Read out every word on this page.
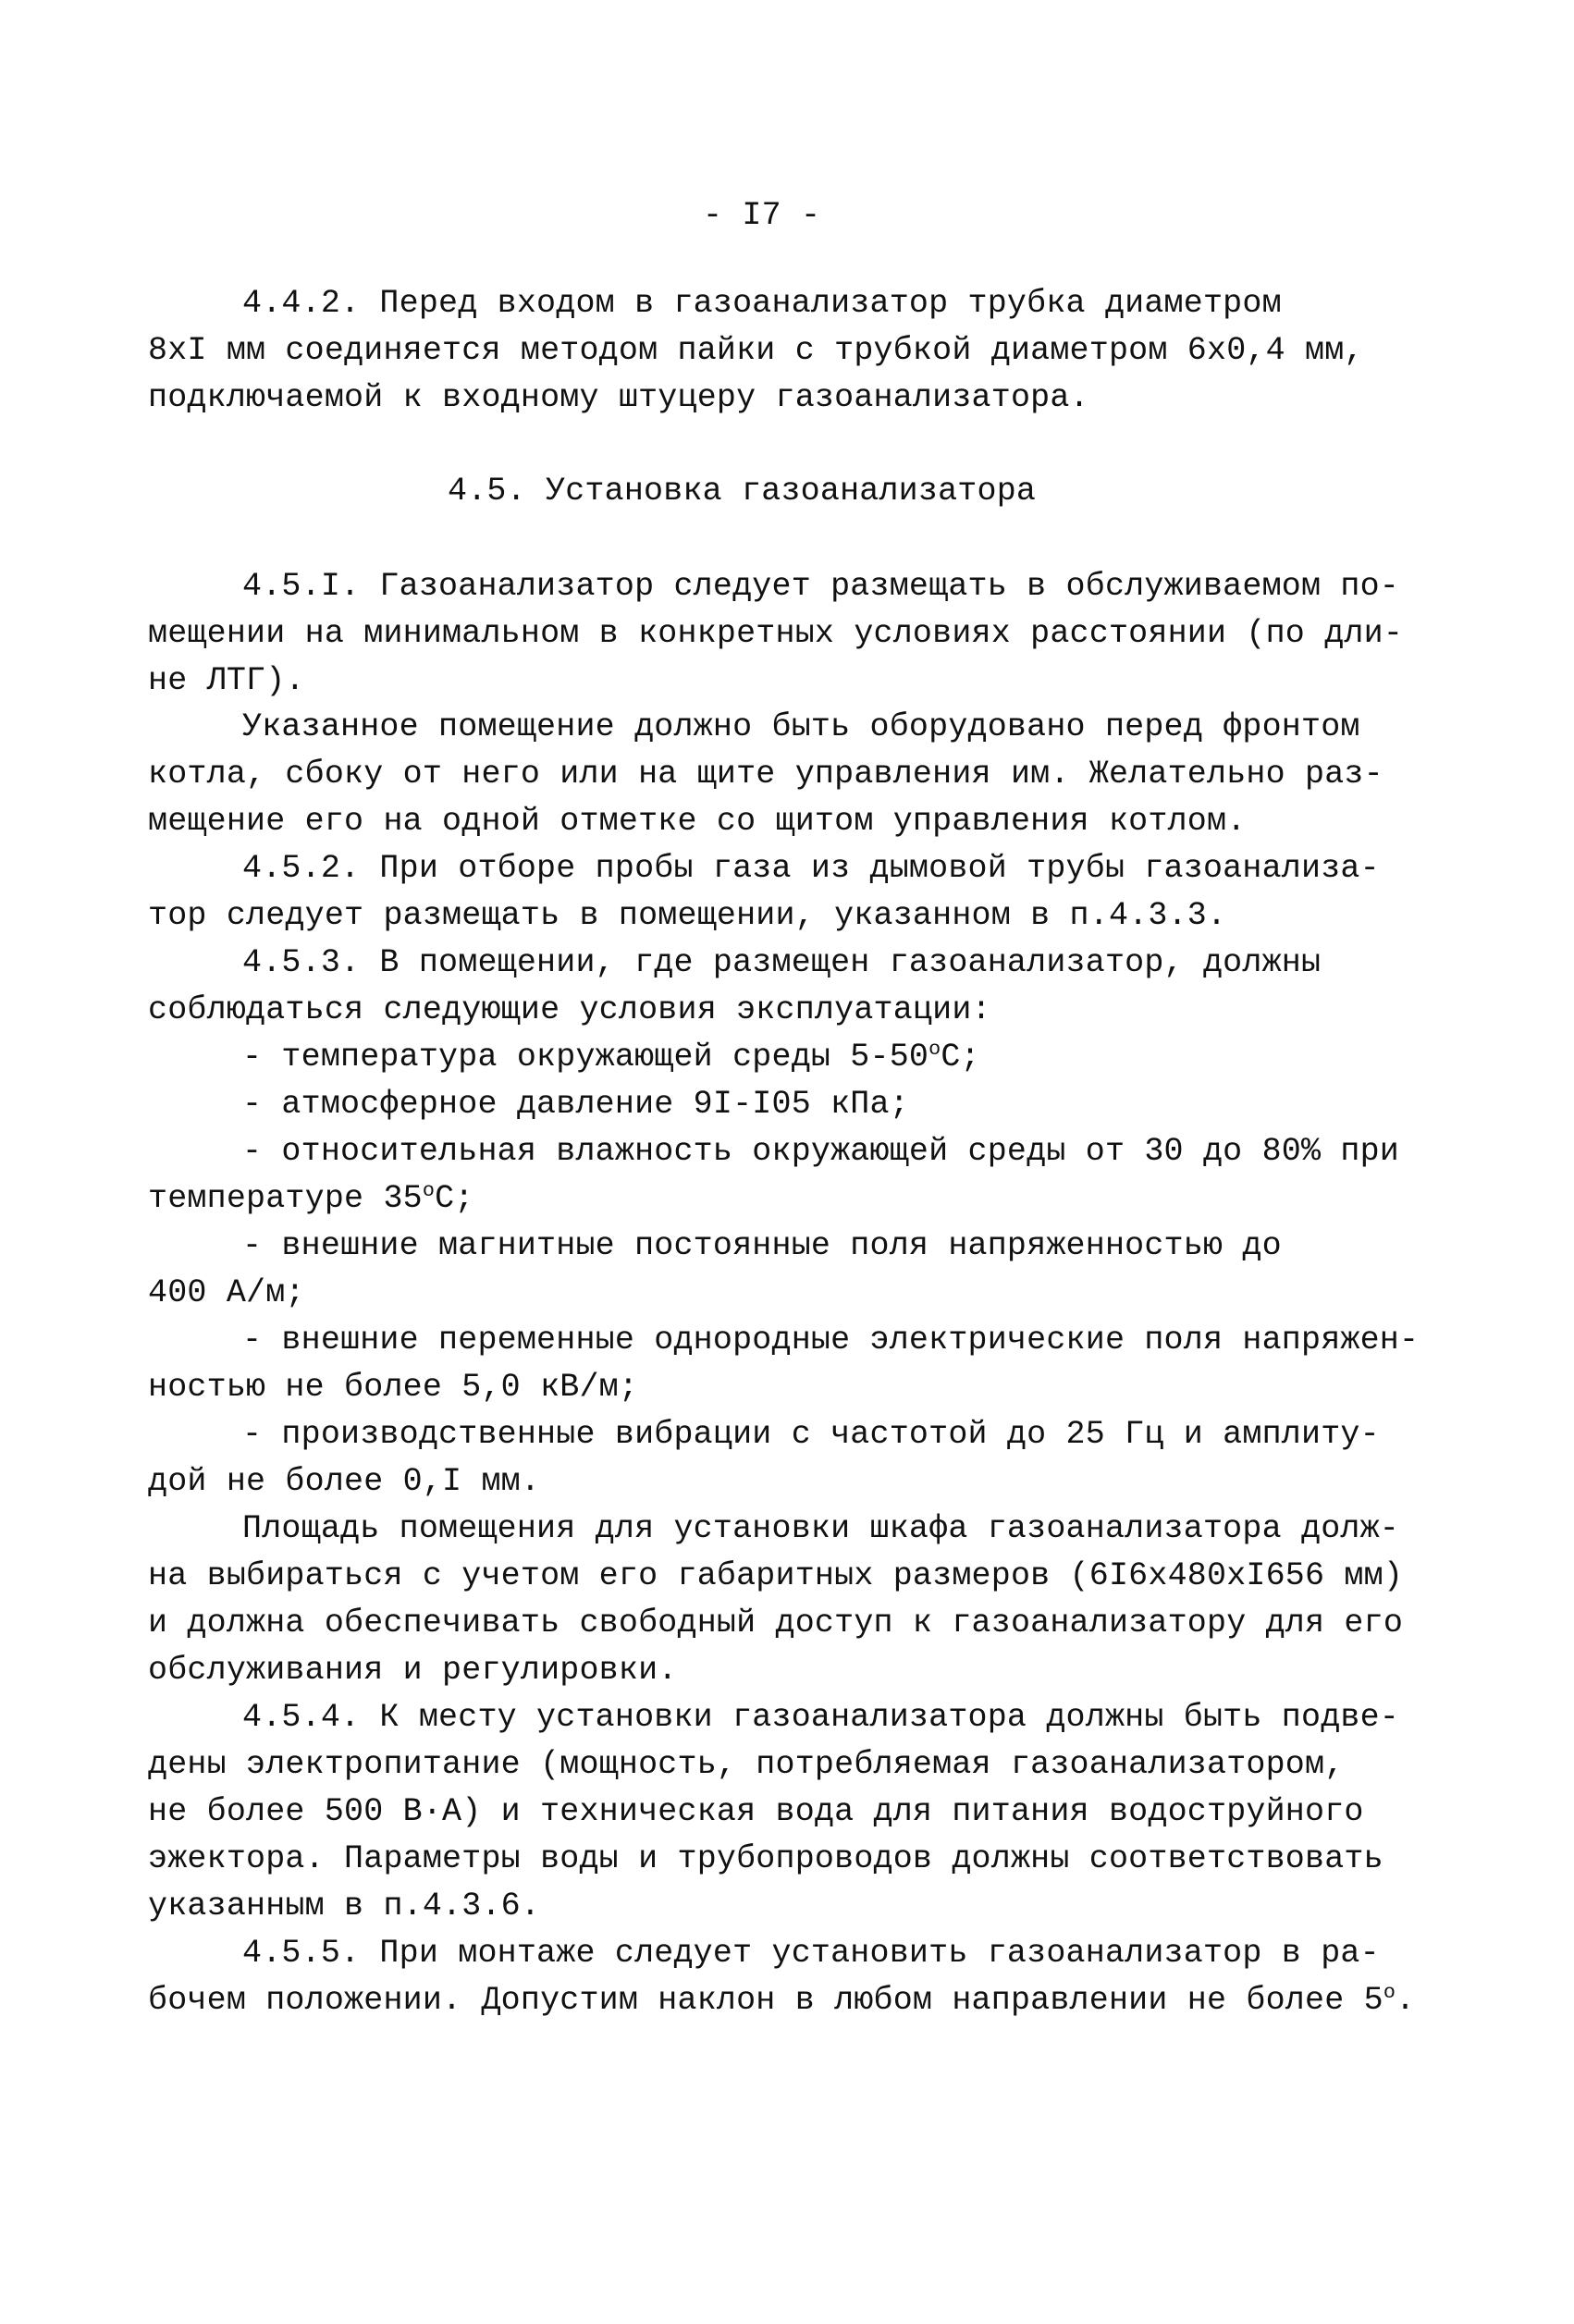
- I7 -
4.4.2. Перед входом в газоанализатор трубка диаметром
8xI мм соединяется методом пайки с трубкой диаметром 6x0,4 мм,
подключаемой к входному штуцеру газоанализатора.
4.5. Установка газоанализатора
4.5.I. Газоанализатор следует размещать в обслуживаемом по-
мещении на минимальном в конкретных условиях расстоянии (по дли-
не ЛТГ).
Указанное помещение должно быть оборудовано перед фронтом
котла, сбоку от него или на щите управления им. Желательно раз-
мещение его на одной отметке со щитом управления котлом.
4.5.2. При отборе пробы газа из дымовой трубы газоанализа-
тор следует размещать в помещении, указанном в п.4.3.3.
4.5.3. В помещении, где размещен газоанализатор, должны
соблюдаться следующие условия эксплуатации:
- температура окружающей среды 5-50$^o$C;
- атмосферное давление 9I-I05 кПа;
- относительная влажность окружающей среды от 30 до 80% при
температуре 35$^o$C;
- внешние магнитные постоянные поля напряженностью до
400 А/м;
- внешние переменные однородные электрические поля напряжен-
ностью не более 5,0 кВ/м;
- производственные вибрации с частотой до 25 Гц и амплиту-
дой не более 0,I мм.
Площадь помещения для установки шкафа газоанализатора долж-
на выбираться с учетом его габаритных размеров (6I6x480xI656 мм)
и должна обеспечивать свободный доступ к газоанализатору для его
обслуживания и регулировки.
4.5.4. К месту установки газоанализатора должны быть подве-
дены электропитание (мощность, потребляемая газоанализатором,
не более 500 В·А) и техническая вода для питания водоструйного
эжектора. Параметры воды и трубопроводов должны соответствовать
указанным в п.4.3.6.
4.5.5. При монтаже следует установить газоанализатор в ра-
бочем положении. Допустим наклон в любом направлении не более 5$^o$.
